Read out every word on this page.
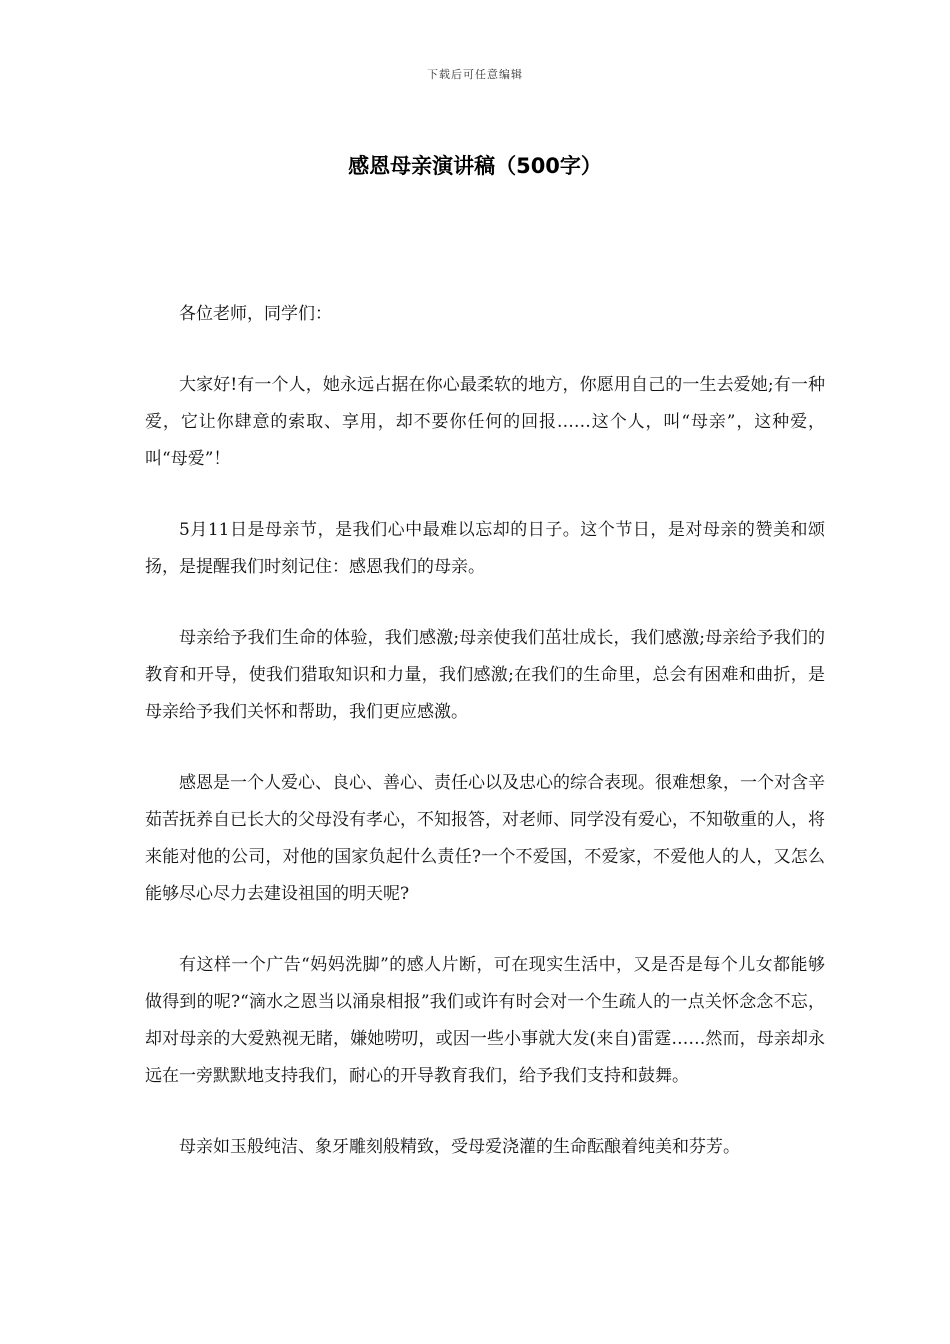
下载后可任意编辑
感恩母亲演讲稿（500字）

各位老师，同学们：

大家好!有一个人，她永远占据在你心最柔软的地方，你愿用自己的一生去爱她;有一种爱，它让你肆意的索取、享用，却不要你任何的回报……这个人，叫“母亲”，这种爱，叫“母爱”！

5月11日是母亲节，是我们心中最难以忘却的日子。这个节日，是对母亲的赞美和颂扬，是提醒我们时刻记住：感恩我们的母亲。

母亲给予我们生命的体验，我们感激;母亲使我们茁壮成长，我们感激;母亲给予我们的教育和开导，使我们猎取知识和力量，我们感激;在我们的生命里，总会有困难和曲折，是母亲给予我们关怀和帮助，我们更应感激。

感恩是一个人爱心、良心、善心、责任心以及忠心的综合表现。很难想象，一个对含辛茹苦抚养自已长大的父母没有孝心，不知报答，对老师、同学没有爱心，不知敬重的人，将来能对他的公司，对他的国家负起什么责任?一个不爱国，不爱家，不爱他人的人，又怎么能够尽心尽力去建设祖国的明天呢?

有这样一个广告“妈妈洗脚”的感人片断，可在现实生活中，又是否是每个儿女都能够做得到的呢?“滴水之恩当以涌泉相报”我们或许有时会对一个生疏人的一点关怀念念不忘，却对母亲的大爱熟视无睹，嫌她唠叨，或因一些小事就大发(来自)雷霆……然而，母亲却永远在一旁默默地支持我们，耐心的开导教育我们，给予我们支持和鼓舞。

母亲如玉般纯洁、象牙雕刻般精致，受母爱浇灌的生命酝酿着纯美和芬芳。
